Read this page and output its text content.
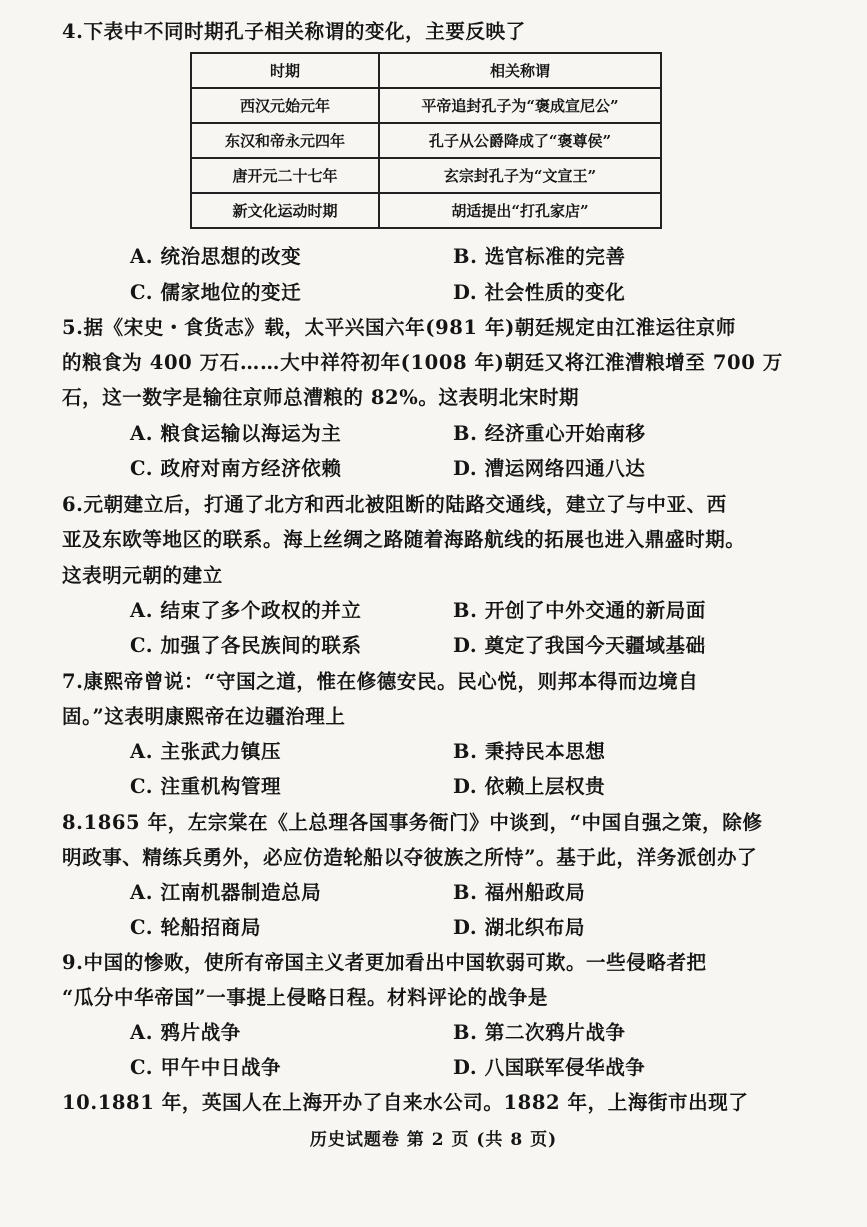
4.下表中不同时期孔子相关称谓的变化，主要反映了
时期	相关称谓
西汉元始元年	平帝追封孔子为“褒成宣尼公”
东汉和帝永元四年	孔子从公爵降成了“褒尊侯”
唐开元二十七年	玄宗封孔子为“文宣王”
新文化运动时期	胡适提出“打孔家店”
A. 统治思想的改变	B. 选官标准的完善
C. 儒家地位的变迁	D. 社会性质的变化
5.据《宋史・食货志》载，太平兴国六年(981 年)朝廷规定由江淮运往京师
的粮食为 400 万石……大中祥符初年(1008 年)朝廷又将江淮漕粮增至 700 万
石，这一数字是输往京师总漕粮的 82%。这表明北宋时期
A. 粮食运输以海运为主	B. 经济重心开始南移
C. 政府对南方经济依赖	D. 漕运网络四通八达
6.元朝建立后，打通了北方和西北被阻断的陆路交通线，建立了与中亚、西
亚及东欧等地区的联系。海上丝绸之路随着海路航线的拓展也进入鼎盛时期。
这表明元朝的建立
A. 结束了多个政权的并立	B. 开创了中外交通的新局面
C. 加强了各民族间的联系	D. 奠定了我国今天疆域基础
7.康熙帝曾说：“守国之道，惟在修德安民。民心悦，则邦本得而边境自
固。”这表明康熙帝在边疆治理上
A. 主张武力镇压	B. 秉持民本思想
C. 注重机构管理	D. 依赖上层权贵
8.1865 年，左宗棠在《上总理各国事务衙门》中谈到，“中国自强之策，除修
明政事、精练兵勇外，必应仿造轮船以夺彼族之所恃”。基于此，洋务派创办了
A. 江南机器制造总局	B. 福州船政局
C. 轮船招商局	D. 湖北织布局
9.中国的惨败，使所有帝国主义者更加看出中国软弱可欺。一些侵略者把
“瓜分中华帝国”一事提上侵略日程。材料评论的战争是
A. 鸦片战争	B. 第二次鸦片战争
C. 甲午中日战争	D. 八国联军侵华战争
10.1881 年，英国人在上海开办了自来水公司。1882 年，上海街市出现了
历史试题卷 第 2 页 (共 8 页)
